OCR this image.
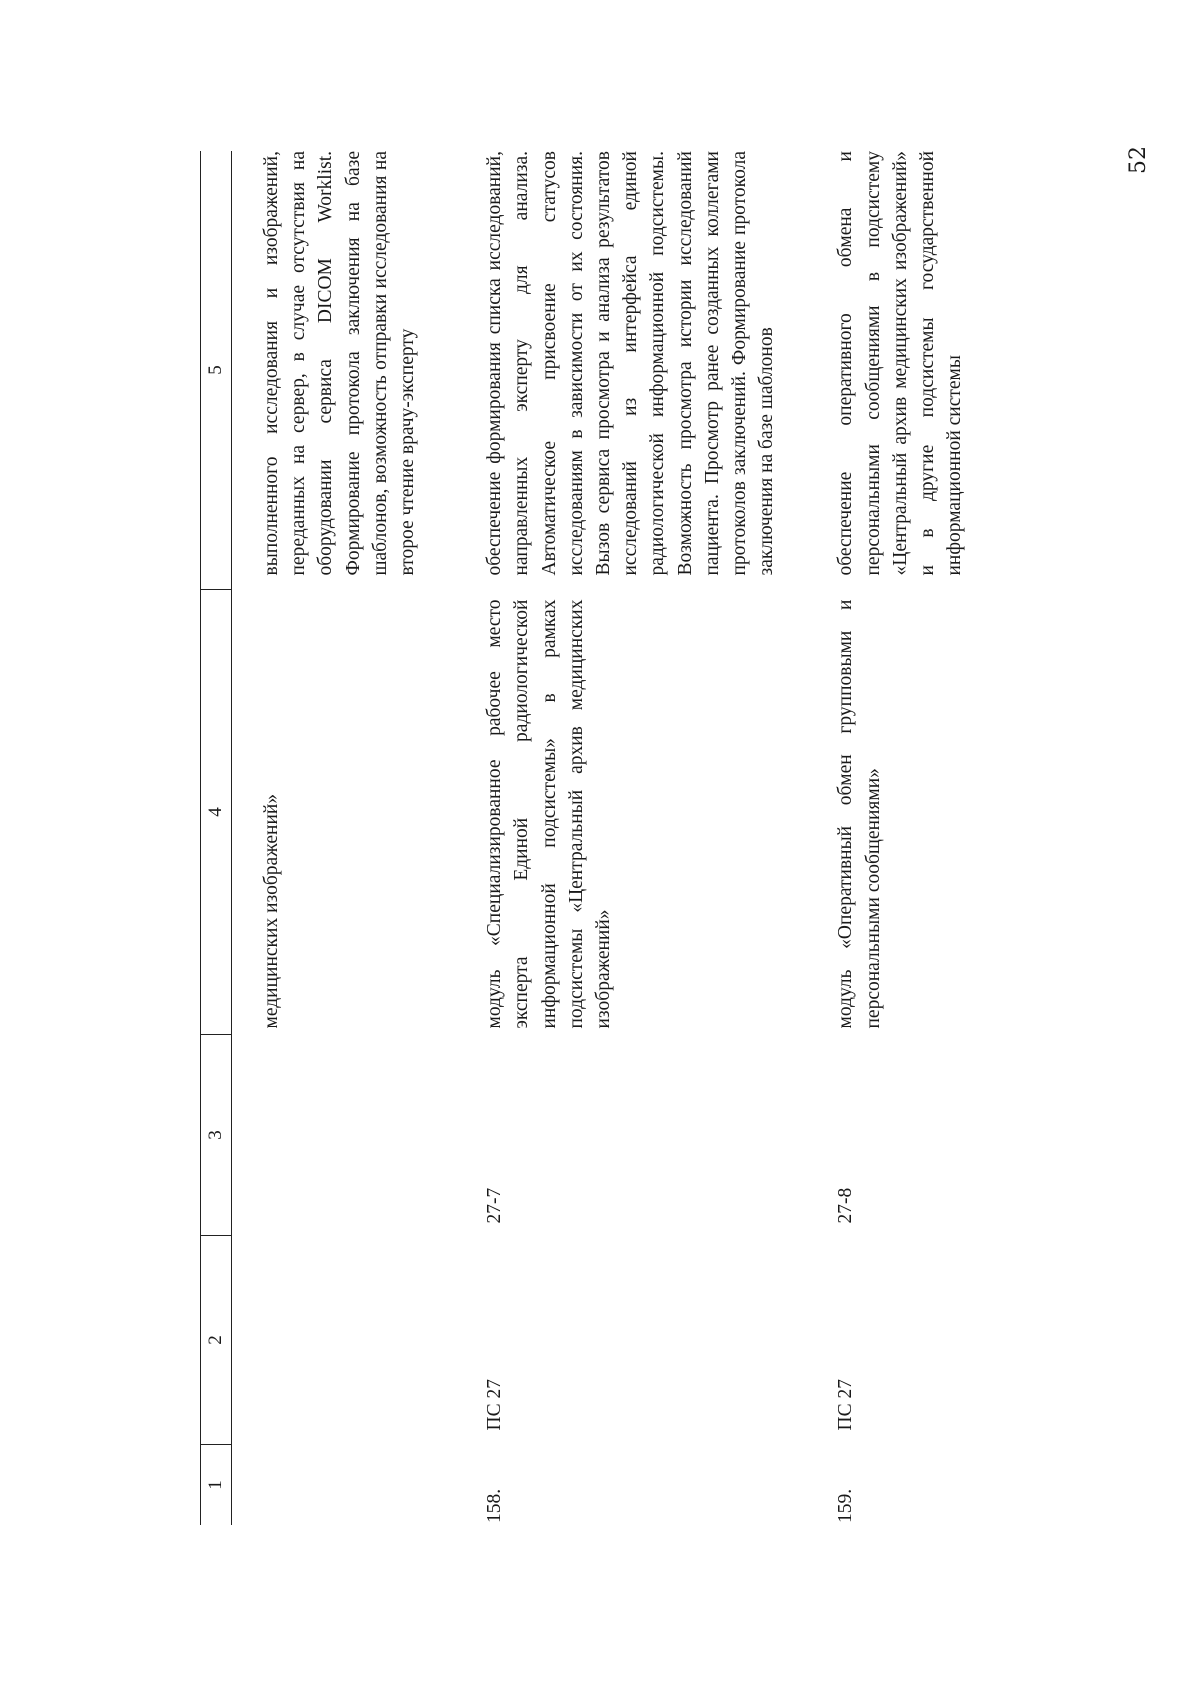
52
1	2	3	4	5
			медицинских изображений»	выполненного исследования и изображений, переданных на сервер, в случае отсутствия на оборудовании сервиса DICOM Worklist. Формирование протокола заключения на базе шаблонов, возможность отправки исследования на второе чтение врачу-эксперту
158.	ПС 27	27-7	модуль «Специализированное рабочее место эксперта Единой радиологической информационной подсистемы» в рамках подсистемы «Центральный архив медицинских изображений»	обеспечение формирования списка исследований, направленных эксперту для анализа. Автоматическое присвоение статусов исследованиям в зависимости от их состояния. Вызов сервиса просмотра и анализа результатов исследований из интерфейса единой радиологической информационной подсистемы. Возможность просмотра истории исследований пациента. Просмотр ранее созданных коллегами протоколов заключений. Формирование протокола заключения на базе шаблонов
159.	ПС 27	27-8	модуль «Оперативный обмен групповыми и персональными сообщениями»	обеспечение оперативного обмена и персональными сообщениями в подсистему «Центральный архив медицинских изображений» и в другие подсистемы государственной информационной системы
